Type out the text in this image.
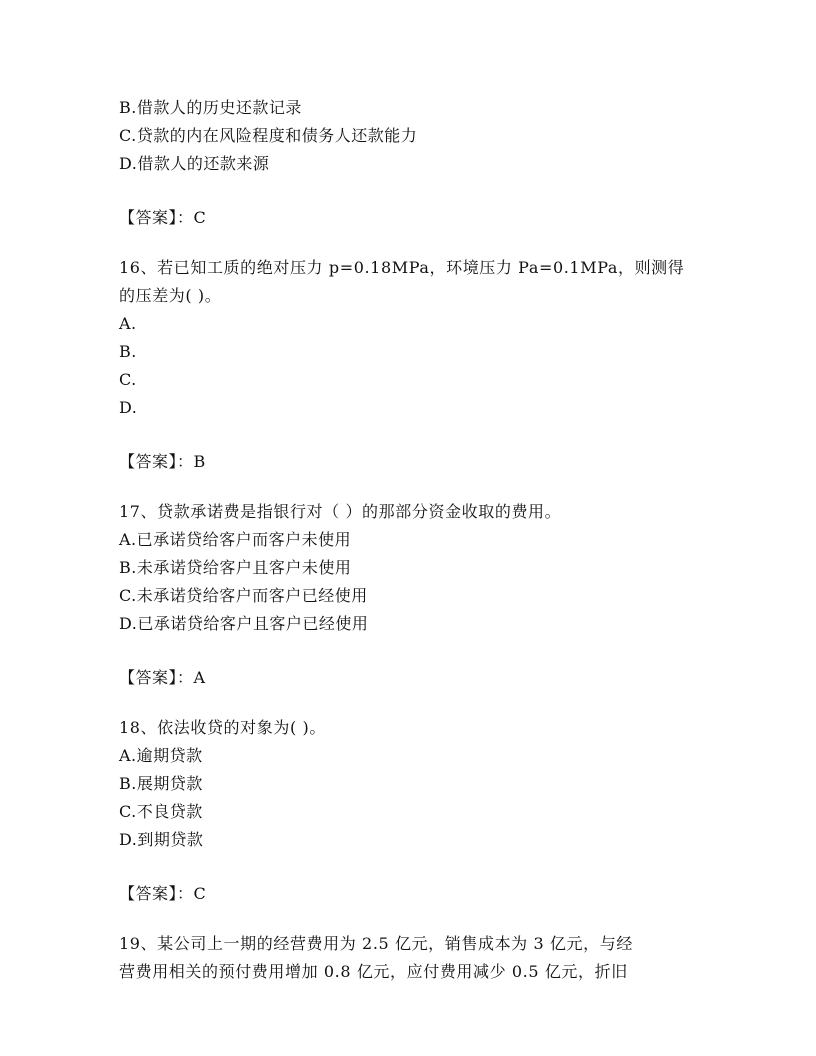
B.借款人的历史还款记录
C.贷款的内在风险程度和债务人还款能力
D.借款人的还款来源
【答案】：C
16、若已知工质的绝对压力 p=0.18MPa，环境压力 Pa=0.1MPa，则测得
的压差为( )。
A.
B.
C.
D.
【答案】：B
17、贷款承诺费是指银行对（ ）的那部分资金收取的费用。
A.已承诺贷给客户而客户未使用
B.未承诺贷给客户且客户未使用
C.未承诺贷给客户而客户已经使用
D.已承诺贷给客户且客户已经使用
【答案】：A
18、依法收贷的对象为( )。
A.逾期贷款
B.展期贷款
C.不良贷款
D.到期贷款
【答案】：C
19、某公司上一期的经营费用为 2.5 亿元，销售成本为 3 亿元，与经
营费用相关的预付费用增加 0.8 亿元，应付费用减少 0.5 亿元，折旧
